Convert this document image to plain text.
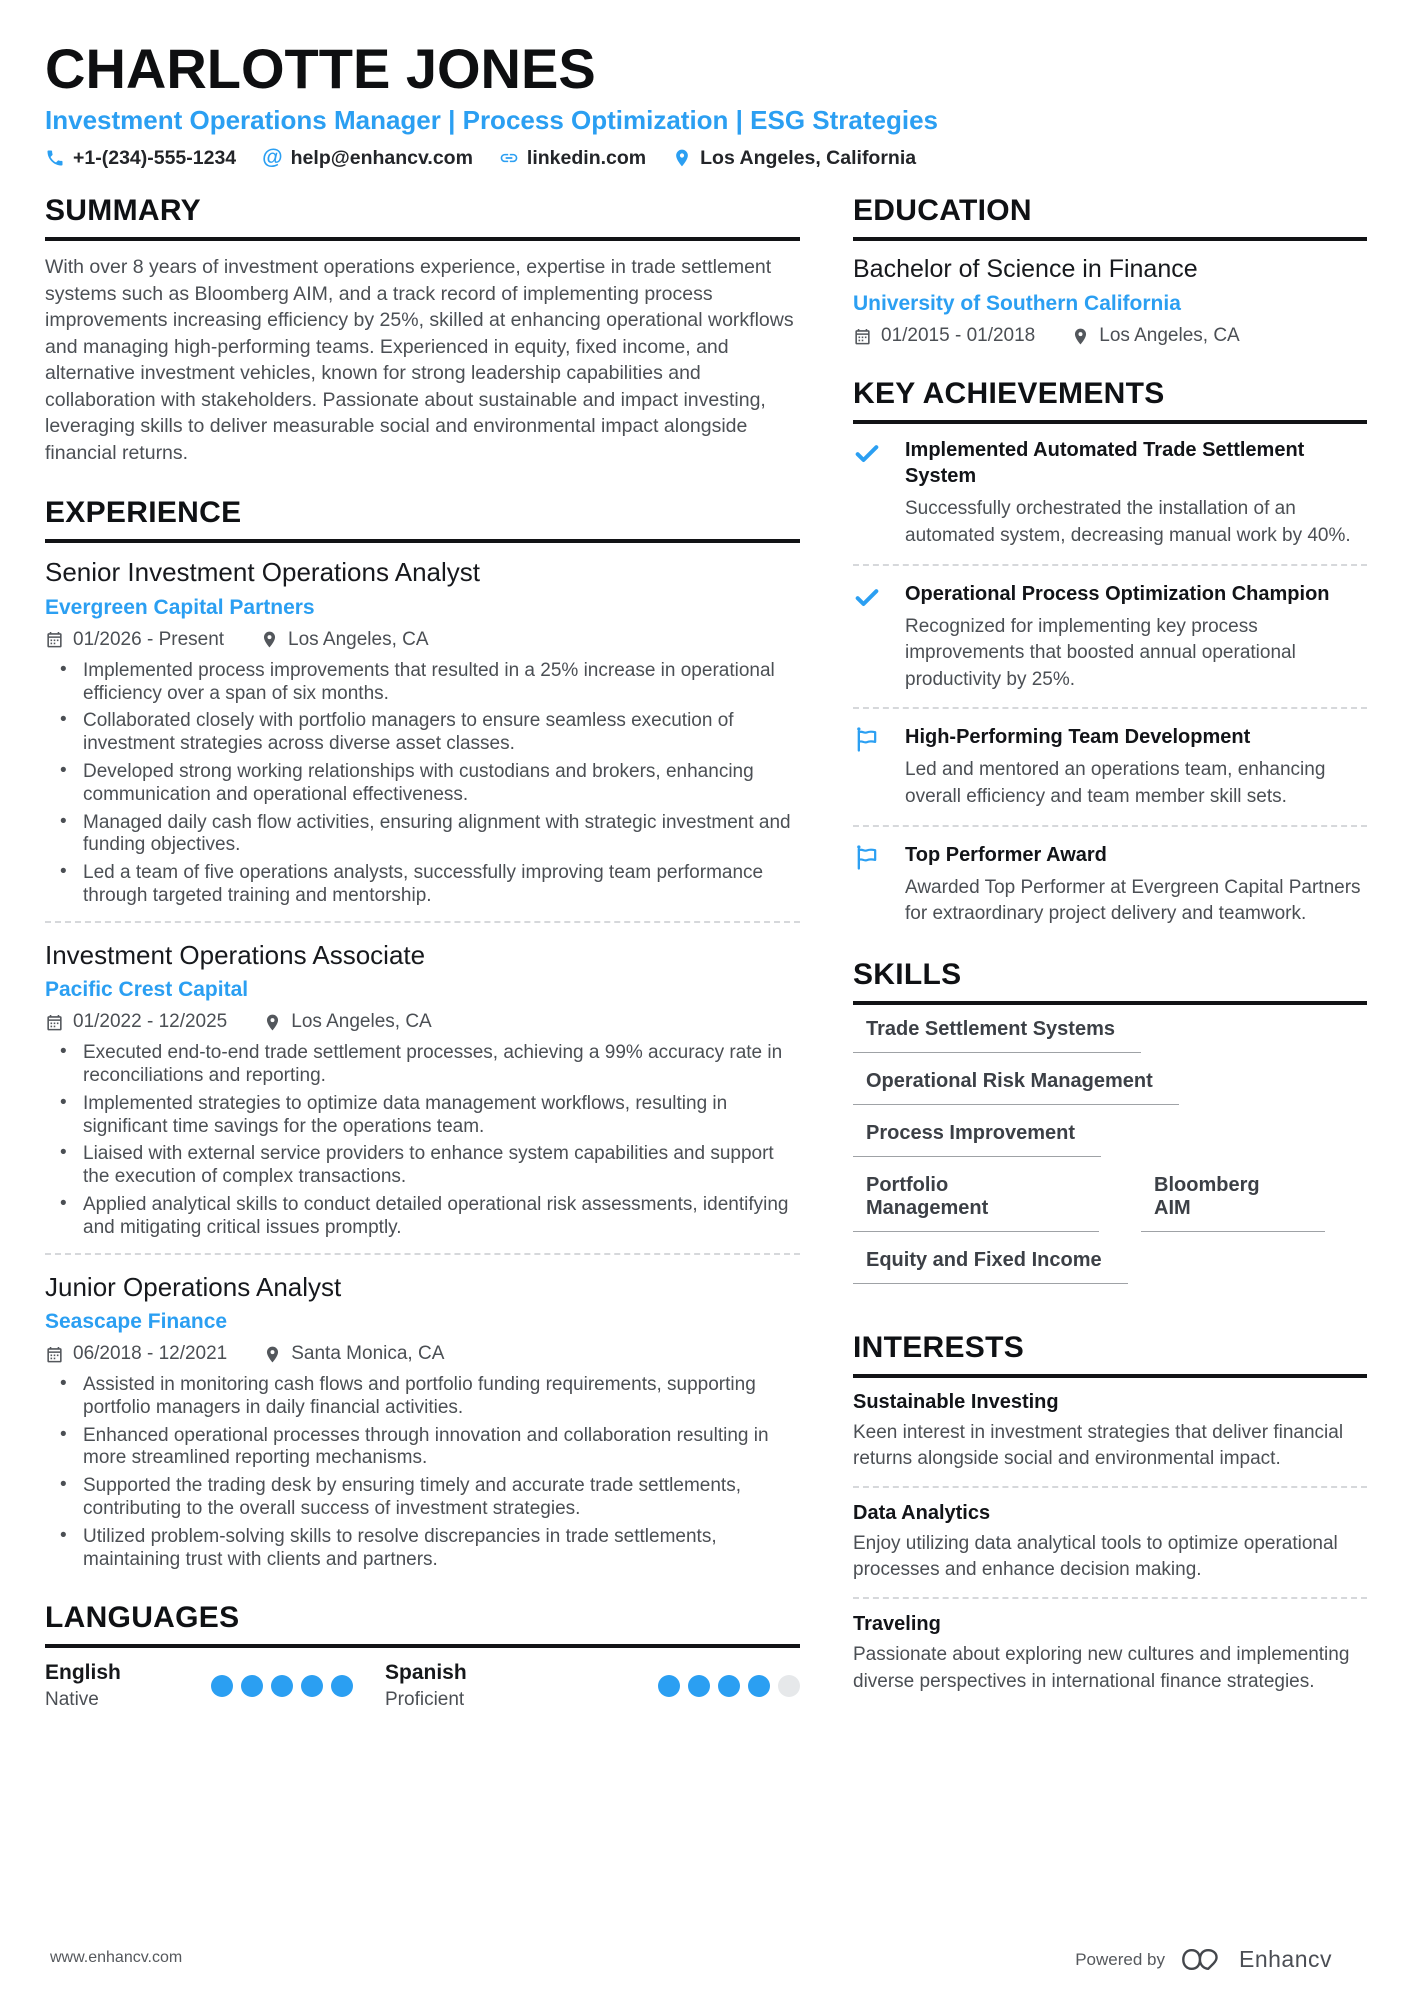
CHARLOTTE JONES
Investment Operations Manager | Process Optimization | ESG Strategies
+1-(234)-555-1234 @ help@enhancv.com	linkedin.com	Los Angeles, California
SUMMARY

With over 8 years of investment operations experience, expertise in trade settlement systems such as Bloomberg AIM, and a track record of implementing process improvements increasing efficiency by 25%, skilled at enhancing operational workflows and managing high-performing teams. Experienced in equity, fixed income, and alternative investment vehicles, known for strong leadership capabilities and collaboration with stakeholders. Passionate about sustainable and impact investing, leveraging skills to deliver measurable social and environmental impact alongside financial returns.

EXPERIENCE
Senior Investment Operations Analyst
Evergreen Capital Partners
01/2026 - Present	Los Angeles, CA
• Implemented process improvements that resulted in a 25% increase in operational efficiency over a span of six months.
• Collaborated closely with portfolio managers to ensure seamless execution of investment strategies across diverse asset classes.
• Developed strong working relationships with custodians and brokers, enhancing communication and operational effectiveness.
• Managed daily cash flow activities, ensuring alignment with strategic investment and funding objectives.
• Led a team of five operations analysts, successfully improving team performance through targeted training and mentorship.
Investment Operations Associate
Pacific Crest Capital
01/2022 - 12/2025	Los Angeles, CA
• Executed end-to-end trade settlement processes, achieving a 99% accuracy rate in reconciliations and reporting.
• Implemented strategies to optimize data management workflows, resulting in significant time savings for the operations team.
• Liaised with external service providers to enhance system capabilities and support the execution of complex transactions.
• Applied analytical skills to conduct detailed operational risk assessments, identifying and mitigating critical issues promptly.
Junior Operations Analyst
Seascape Finance
06/2018 - 12/2021	Santa Monica, CA
• Assisted in monitoring cash flows and portfolio funding requirements, supporting portfolio managers in daily financial activities.
• Enhanced operational processes through innovation and collaboration resulting in more streamlined reporting mechanisms.
• Supported the trading desk by ensuring timely and accurate trade settlements, contributing to the overall success of investment strategies.
• Utilized problem-solving skills to resolve discrepancies in trade settlements, maintaining trust with clients and partners.
LANGUAGES
English
Native
Spanish
Proficient
EDUCATION
Bachelor of Science in Finance
University of Southern California
01/2015 - 01/2018	Los Angeles, CA
KEY ACHIEVEMENTS
Implemented Automated Trade Settlement System

Successfully orchestrated the installation of an automated system, decreasing manual work by 40%.

Operational Process Optimization Champion

Recognized for implementing key process improvements that boosted annual operational productivity by 25%.

High-Performing Team Development

Led and mentored an operations team, enhancing overall efficiency and team member skill sets.

Top Performer Award

Awarded Top Performer at Evergreen Capital Partners for extraordinary project delivery and teamwork.

SKILLS
Trade Settlement Systems
Operational Risk Management
Process Improvement
Portfolio Management
Bloomberg AIM
Equity and Fixed Income
INTERESTS
Sustainable Investing

Keen interest in investment strategies that deliver financial returns alongside social and environmental impact.

Data Analytics

Enjoy utilizing data analytical tools to optimize operational processes and enhance decision making.

Traveling

Passionate about exploring new cultures and implementing diverse perspectives in international finance strategies.

www.enhancv.com	Powered by	Enhancv
